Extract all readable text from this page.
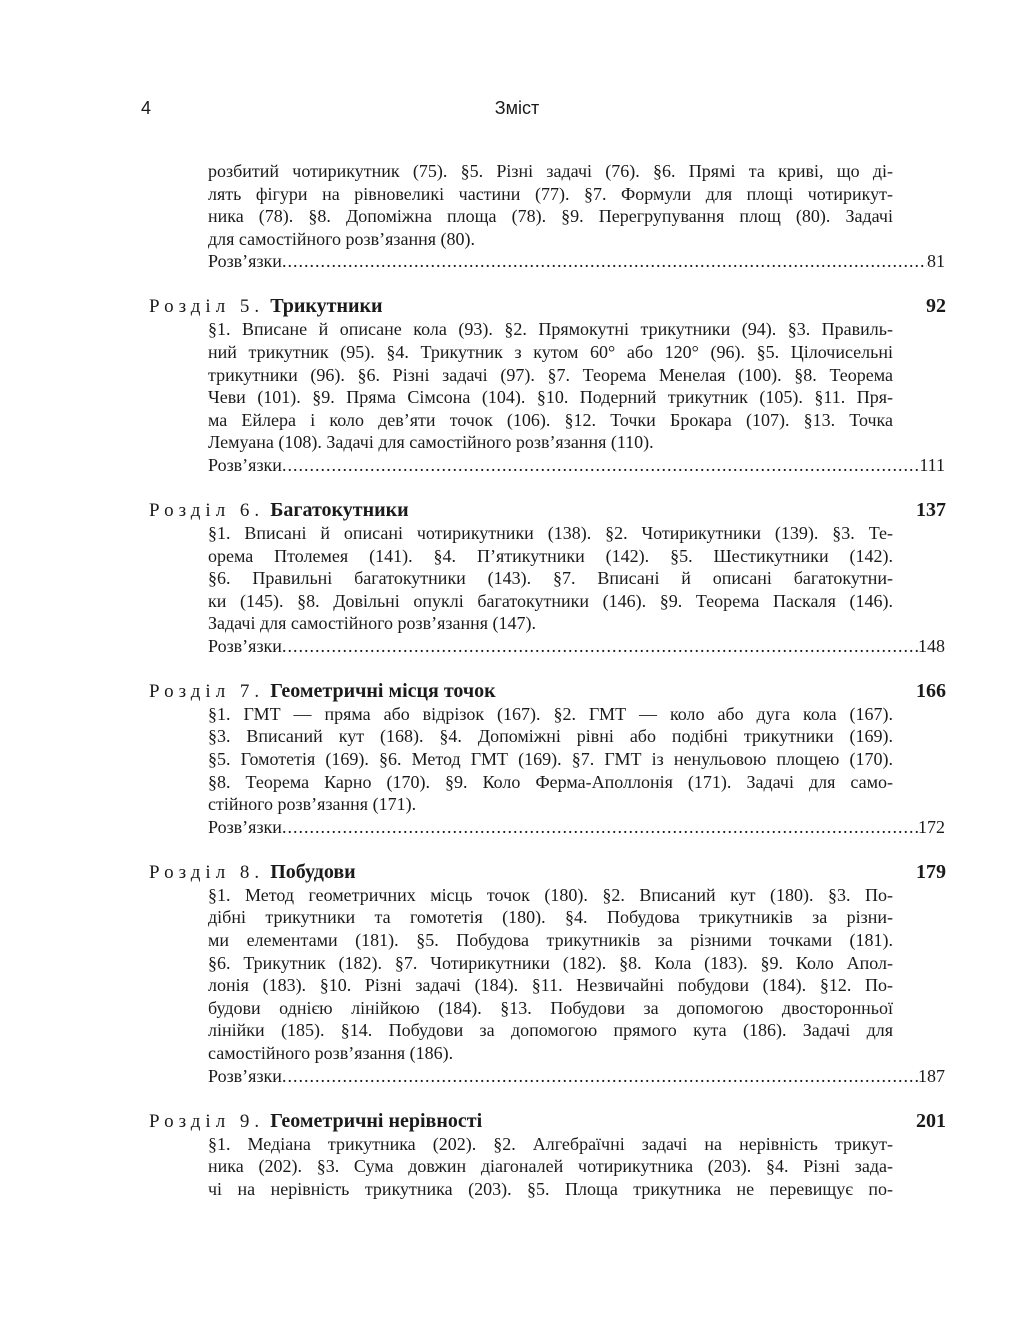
4	Зміст
розбитий чотирикутник (75). §5. Різні задачі (76). §6. Прямі та криві, що ді-
лять фігури на рівновеликі частини (77). §7. Формули для площі чотирикут-
ника (78). §8. Допоміжна площа (78). §9. Перегрупування площ (80). Задачі
для самостійного розв’язання (80).
Розв’язки .....	81
Розділ 5. Трикутники	92
§1. Вписане й описане кола (93). §2. Прямокутні трикутники (94). §3. Правиль-
ний трикутник (95). §4. Трикутник з кутом 60° або 120° (96). §5. Цілочисельні
трикутники (96). §6. Різні задачі (97). §7. Теорема Менелая (100). §8. Теорема
Чеви (101). §9. Пряма Сімсона (104). §10. Подерний трикутник (105). §11. Пря-
ма Ейлера і коло дев’яти точок (106). §12. Точки Брокара (107). §13. Точка
Лемуана (108). Задачі для самостійного розв’язання (110).
Розв’язки .....	111
Розділ 6. Багатокутники	137
§1. Вписані й описані чотирикутники (138). §2. Чотирикутники (139). §3. Те-
орема Птолемея (141). §4. П’ятикутники (142). §5. Шестикутники (142).
§6. Правильні багатокутники (143). §7. Вписані й описані багатокутни-
ки (145). §8. Довільні опуклі багатокутники (146). §9. Теорема Паскаля (146).
Задачі для самостійного розв’язання (147).
Розв’язки .....	148
Розділ 7. Геометричні місця точок	166
§1. ГМТ — пряма або відрізок (167). §2. ГМТ — коло або дуга кола (167).
§3. Вписаний кут (168). §4. Допоміжні рівні або подібні трикутники (169).
§5. Гомотетія (169). §6. Метод ГМТ (169). §7. ГМТ із ненульовою площею (170).
§8. Теорема Карно (170). §9. Коло Ферма-Аполлонія (171). Задачі для само-
стійного розв’язання (171).
Розв’язки .....	172
Розділ 8. Побудови	179
§1. Метод геометричних місць точок (180). §2. Вписаний кут (180). §3. По-
дібні трикутники та гомотетія (180). §4. Побудова трикутників за різни-
ми елементами (181). §5. Побудова трикутників за різними точками (181).
§6. Трикутник (182). §7. Чотирикутники (182). §8. Кола (183). §9. Коло Апол-
лонія (183). §10. Різні задачі (184). §11. Незвичайні побудови (184). §12. По-
будови однією лінійкою (184). §13. Побудови за допомогою двосторонньої
лінійки (185). §14. Побудови за допомогою прямого кута (186). Задачі для
самостійного розв’язання (186).
Розв’язки .....	187
Розділ 9. Геометричні нерівності	201
§1. Медіана трикутника (202). §2. Алгебраїчні задачі на нерівність трикут-
ника (202). §3. Сума довжин діагоналей чотирикутника (203). §4. Різні зада-
чі на нерівність трикутника (203). §5. Площа трикутника не перевищує по-
